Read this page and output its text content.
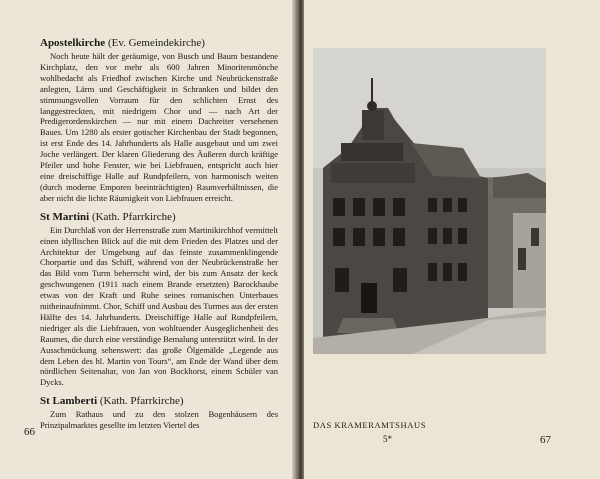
Apostelkirche (Ev. Gemeindekirche)

Noch heute hält der geräumige, von Busch und Baum bestandene Kirchplatz, den vor mehr als 600 Jahren Minoritenmönche wohlbedacht als Friedhof zwischen Kirche und Neubrückenstraße anlegten, Lärm und Geschäftigkeit in Schranken und bildet den stimmungsvollen Vorraum für den schlichten Ernst des langgestreckten, mit niedrigem Chor und — nach Art der Predigerordenskirchen — nur mit einem Dachreiter versehenen Baues. Um 1280 als erster gotischer Kirchenbau der Stadt begonnen, ist erst Ende des 14. Jahrhunderts als Halle ausgebaut und um zwei Joche verlängert. Der klaren Gliederung des Äußeren durch kräftige Pfeiler und hohe Fenster, wie bei Liebfrauen, entspricht auch hier eine dreischiffige Halle auf Rundpfeilern, von harmonisch weiten (durch moderne Emporen beeinträchtigten) Raumverhältnissen, die aber nicht die lichte Räumigkeit von Liebfrauen erreicht.

St Martini (Kath. Pfarrkirche)

Ein Durchlaß von der Herrenstraße zum Martinikirchhof vermittelt einen idyllischen Blick auf die mit dem Frieden des Platzes und der Architektur der Umgebung auf das feinste zusammenklingende Chorpartie und das Schiff, während von der Neubrückenstraße her das Bild vom Turm beherrscht wird, der bis zum Ansatz der keck geschwungenen (1911 nach einem Brande ersetzten) Barockhaube etwas von der Kraft und Ruhe seines romanischen Unterbaues mitheinaufnimmt. Chor, Schiff und Ausbau des Turmes aus der ersten Hälfte des 14. Jahrhunderts. Dreischiffige Halle auf Rundpfeilern, niedriger als die Liebfrauen, von wohltuender Ausgeglichenheit des Raumes, die durch eine verständige Bemalung unterstützt wird. In der Ausschmückung sehenswert: das große Ölgemälde „Legende aus dem Leben des hl. Martin von Tours“, am Ende der Wand über dem nördlichen Seitenaltar, von Jan von Bockhorst, einem Schüler van Dycks.

St Lamberti (Kath. Pfarrkirche)

Zum Rathaus und zu den stolzen Bogenhäusern des Prinzipalmarktes gesellte im letzten Viertel des

66
DAS KRAMERAMTSHAUS
5*	67
